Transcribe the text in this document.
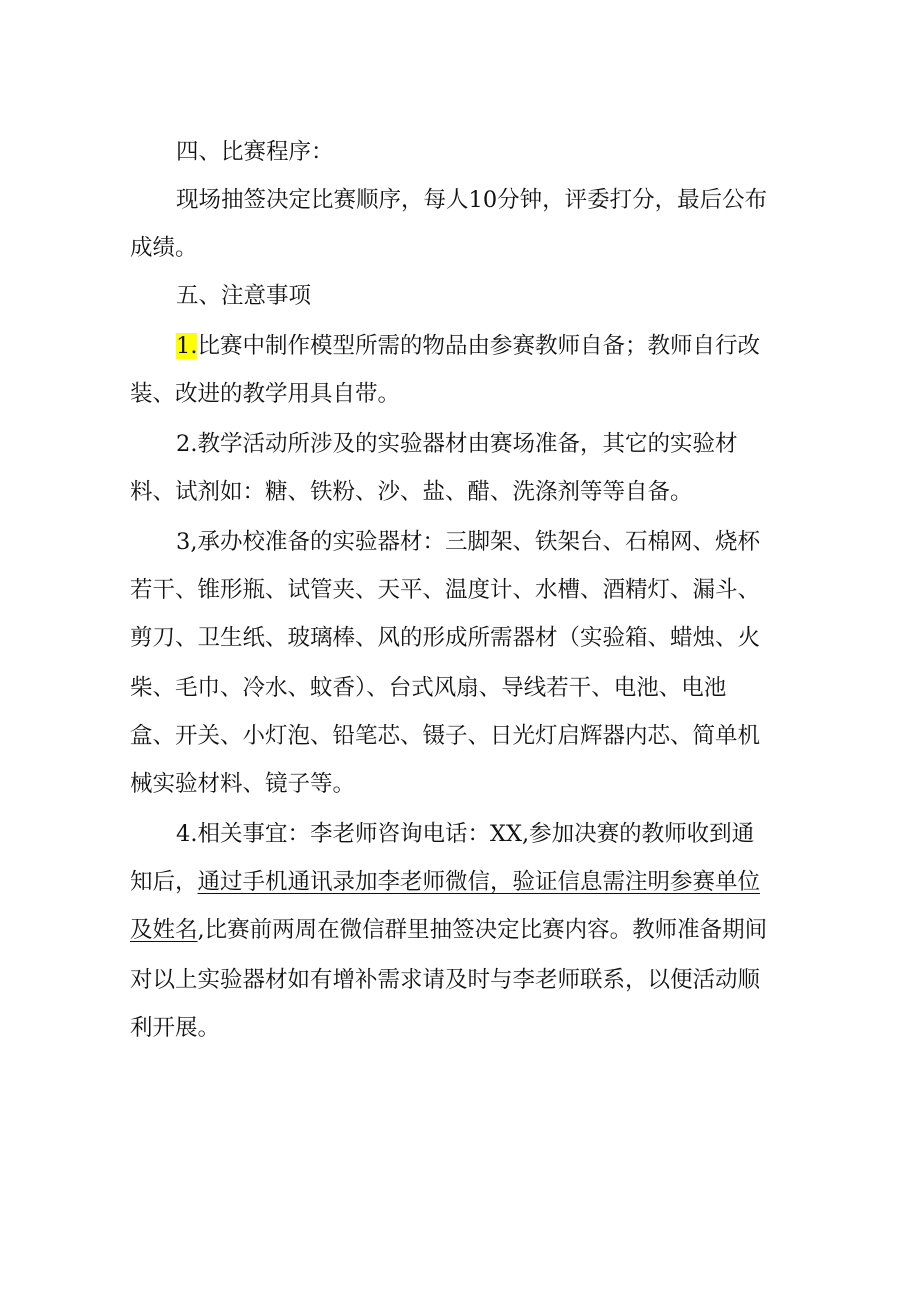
四、比赛程序：
现场抽签决定比赛顺序，每人10分钟，评委打分，最后公布
成绩。
五、注意事项
1.比赛中制作模型所需的物品由参赛教师自备；教师自行改
装、改进的教学用具自带。
2.教学活动所涉及的实验器材由赛场准备，其它的实验材
料、试剂如：糖、铁粉、沙、盐、醋、洗涤剂等等自备。
3,承办校准备的实验器材：三脚架、铁架台、石棉网、烧杯
若干、锥形瓶、试管夹、天平、温度计、水槽、酒精灯、漏斗、
剪刀、卫生纸、玻璃棒、风的形成所需器材（实验箱、蜡烛、火
柴、毛巾、冷水、蚊香）、台式风扇、导线若干、电池、电池
盒、开关、小灯泡、铅笔芯、镊子、日光灯启辉器内芯、简单机
械实验材料、镜子等。
4.相关事宜：李老师咨询电话：XX,参加决赛的教师收到通
知后，通过手机通讯录加李老师微信，验证信息需注明参赛单位
及姓名,比赛前两周在微信群里抽签决定比赛内容。教师准备期间
对以上实验器材如有增补需求请及时与李老师联系，以便活动顺
利开展。
